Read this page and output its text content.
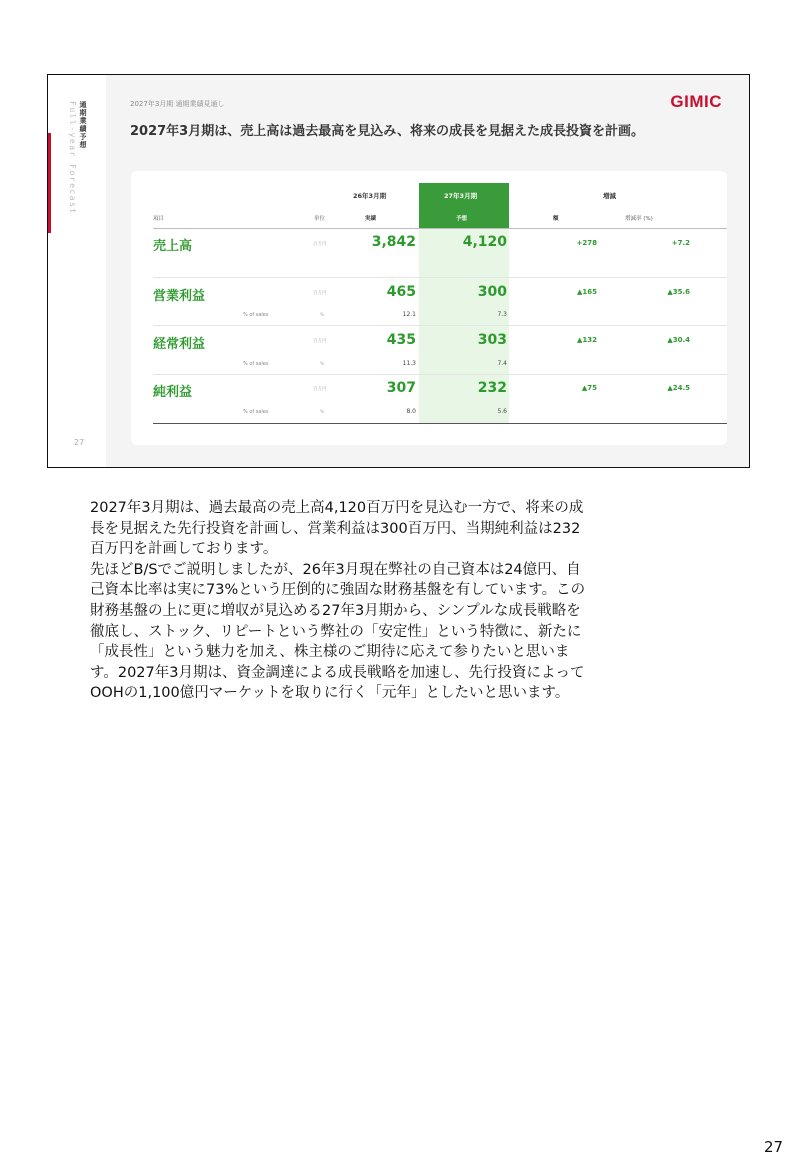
通期業績予想
Full-year Forecast
27
2027年3月期 通期業績見通し	GIMIC
2027年3月期は、売上高は過去最高を見込み、将来の成長を見据えた成長投資を計画。
26年3月期	27年3月期	増減
項目	単位	実績	予想	額	増減率 (%)
売上高	百万円	3,842	4,120	+278	+7.2
営業利益	百万円	465	300	▲165	▲35.6
% of sales	%	12.1	7.3
経常利益	百万円	435	303	▲132	▲30.4
% of sales	%	11.3	7.4
純利益	百万円	307	232	▲75	▲24.5
% of sales	%	8.0	5.6
2027年3月期は、過去最高の売上高4,120百万円を見込む一方で、将来の成
長を見据えた先行投資を計画し、営業利益は300百万円、当期純利益は232
百万円を計画しております。
先ほどB/Sでご説明しましたが、26年3月現在弊社の自己資本は24億円、自
己資本比率は実に73%という圧倒的に強固な財務基盤を有しています。この
財務基盤の上に更に増収が見込める27年3月期から、シンプルな成長戦略を
徹底し、ストック、リピートという弊社の「安定性」という特徴に、新たに
「成長性」という魅力を加え、株主様のご期待に応えて参りたいと思いま
す。2027年3月期は、資金調達による成長戦略を加速し、先行投資によって
OOHの1,100億円マーケットを取りに行く「元年」としたいと思います。
27
